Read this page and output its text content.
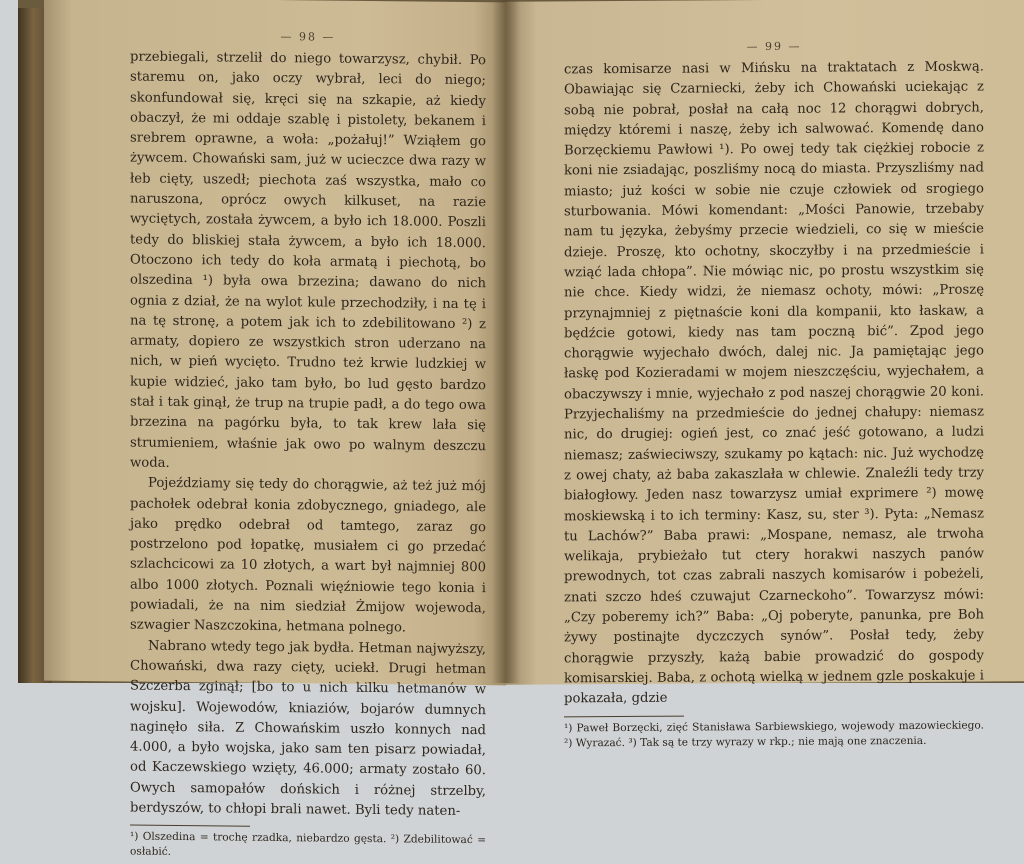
— 98 —

przebiegali, strzelił do niego towarzysz, chybił. Po staremu on, jako oczy wybrał, leci do niego; skonfundował się, kręci się na szkapie, aż kiedy obaczył, że mi oddaje szablę i pistolety, bekanem i srebrem oprawne, a woła: „pożałuj!” Wziąłem go żywcem. Chowański sam, już w ucieczce dwa razy w łeb cięty, uszedł; piechota zaś wszystka, mało co naruszona, oprócz owych kilkuset, na razie wyciętych, została żywcem, a było ich 18.000. Poszli tedy do bliskiej stała żywcem, a było ich 18.000. Otoczono ich tedy do koła armatą i piechotą, bo olszedina ¹) była owa brzezina; dawano do nich ognia z dział, że na wylot kule przechodziły, i na tę i na tę stronę, a potem jak ich to zdebilitowano ²) z armaty, dopiero ze wszystkich stron uderzano na nich, w pień wycięto. Trudno też krwie ludzkiej w kupie widzieć, jako tam było, bo lud gęsto bardzo stał i tak ginął, że trup na trupie padł, a do tego owa brzezina na pagórku była, to tak krew lała się strumieniem, właśnie jak owo po walnym deszczu woda.

Pojeździamy się tedy do chorągwie, aż też już mój pachołek odebrał konia zdobycznego, gniadego, ale jako prędko odebrał od tamtego, zaraz go postrzelono pod łopatkę, musiałem ci go przedać szlachcicowi za 10 złotych, a wart był najmniej 800 albo 1000 złotych. Poznali więźniowie tego konia i powiadali, że na nim siedział Żmijow wojewoda, szwagier Naszczokina, hetmana polnego.

Nabrano wtedy tego jak bydła. Hetman najwyższy, Chowański, dwa razy cięty, uciekł. Drugi hetman Szczerba zginął; [bo to u nich kilku hetmanów w wojsku]. Wojewodów, kniaziów, bojarów dumnych naginęło siła. Z Chowańskim uszło konnych nad 4.000, a było wojska, jako sam ten pisarz powiadał, od Kaczewskiego wzięty, 46.000; armaty zostało 60. Owych samopałów dońskich i różnej strzelby, berdyszów, to chłopi brali nawet. Byli tedy naten-

¹) Olszedina = trochę rzadka, niebardzo gęsta. ²) Zdebilitować = osłabić.

— 99 —

czas komisarze nasi w Mińsku na traktatach z Moskwą. Obawiając się Czarniecki, żeby ich Chowański uciekając z sobą nie pobrał, posłał na całą noc 12 chorągwi dobrych, między któremi i naszę, żeby ich salwować. Komendę dano Borzęckiemu Pawłowi ¹). Po owej tedy tak ciężkiej robocie z koni nie zsiadając, poszliśmy nocą do miasta. Przyszliśmy nad miasto; już kości w sobie nie czuje człowiek od srogiego sturbowania. Mówi komendant: „Mości Panowie, trzebaby nam tu języka, żebyśmy przecie wiedzieli, co się w mieście dzieje. Proszę, kto ochotny, skoczyłby i na przedmieście i wziąć lada chłopa”. Nie mówiąc nic, po prostu wszystkim się nie chce. Kiedy widzi, że niemasz ochoty, mówi: „Proszę przynajmniej z piętnaście koni dla kompanii, kto łaskaw, a będźcie gotowi, kiedy nas tam poczną bić”. Zpod jego chorągwie wyjechało dwóch, dalej nic. Ja pamiętając jego łaskę pod Kozieradami w mojem nieszczęściu, wyjechałem, a obaczywszy i mnie, wyjechało z pod naszej chorągwie 20 koni. Przyjechaliśmy na przedmieście do jednej chałupy: niemasz nic, do drugiej: ogień jest, co znać jeść gotowano, a ludzi niemasz; zaświeciwszy, szukamy po kątach: nic. Już wychodzę z owej chaty, aż baba zakaszlała w chlewie. Znaleźli tedy trzy białogłowy. Jeden nasz towarzysz umiał exprimere ²) mowę moskiewską i to ich terminy: Kasz, su, ster ³). Pyta: „Nemasz tu Lachów?” Baba prawi: „Mospane, nemasz, ale trwoha welikaja, prybieżało tut ctery horakwi naszych panów prewodnych, tot czas zabrali naszych komisarów i pobeżeli, znati szczo hdeś czuwajut Czarneckoho”. Towarzysz mówi: „Czy poberemy ich?” Baba: „Oj poberyte, panunka, pre Boh żywy postinajte dyczczych synów”. Posłał tedy, żeby chorągwie przyszły, każą babie prowadzić do gospody komisarskiej. Baba, z ochotą wielką w jednem gzle poskakuje i pokazała, gdzie

¹) Paweł Borzęcki, zięć Stanisława Sarbiewskiego, wojewody mazowieckiego. ²) Wyrazać. ³) Tak są te trzy wyrazy w rkp.; nie mają one znaczenia.
